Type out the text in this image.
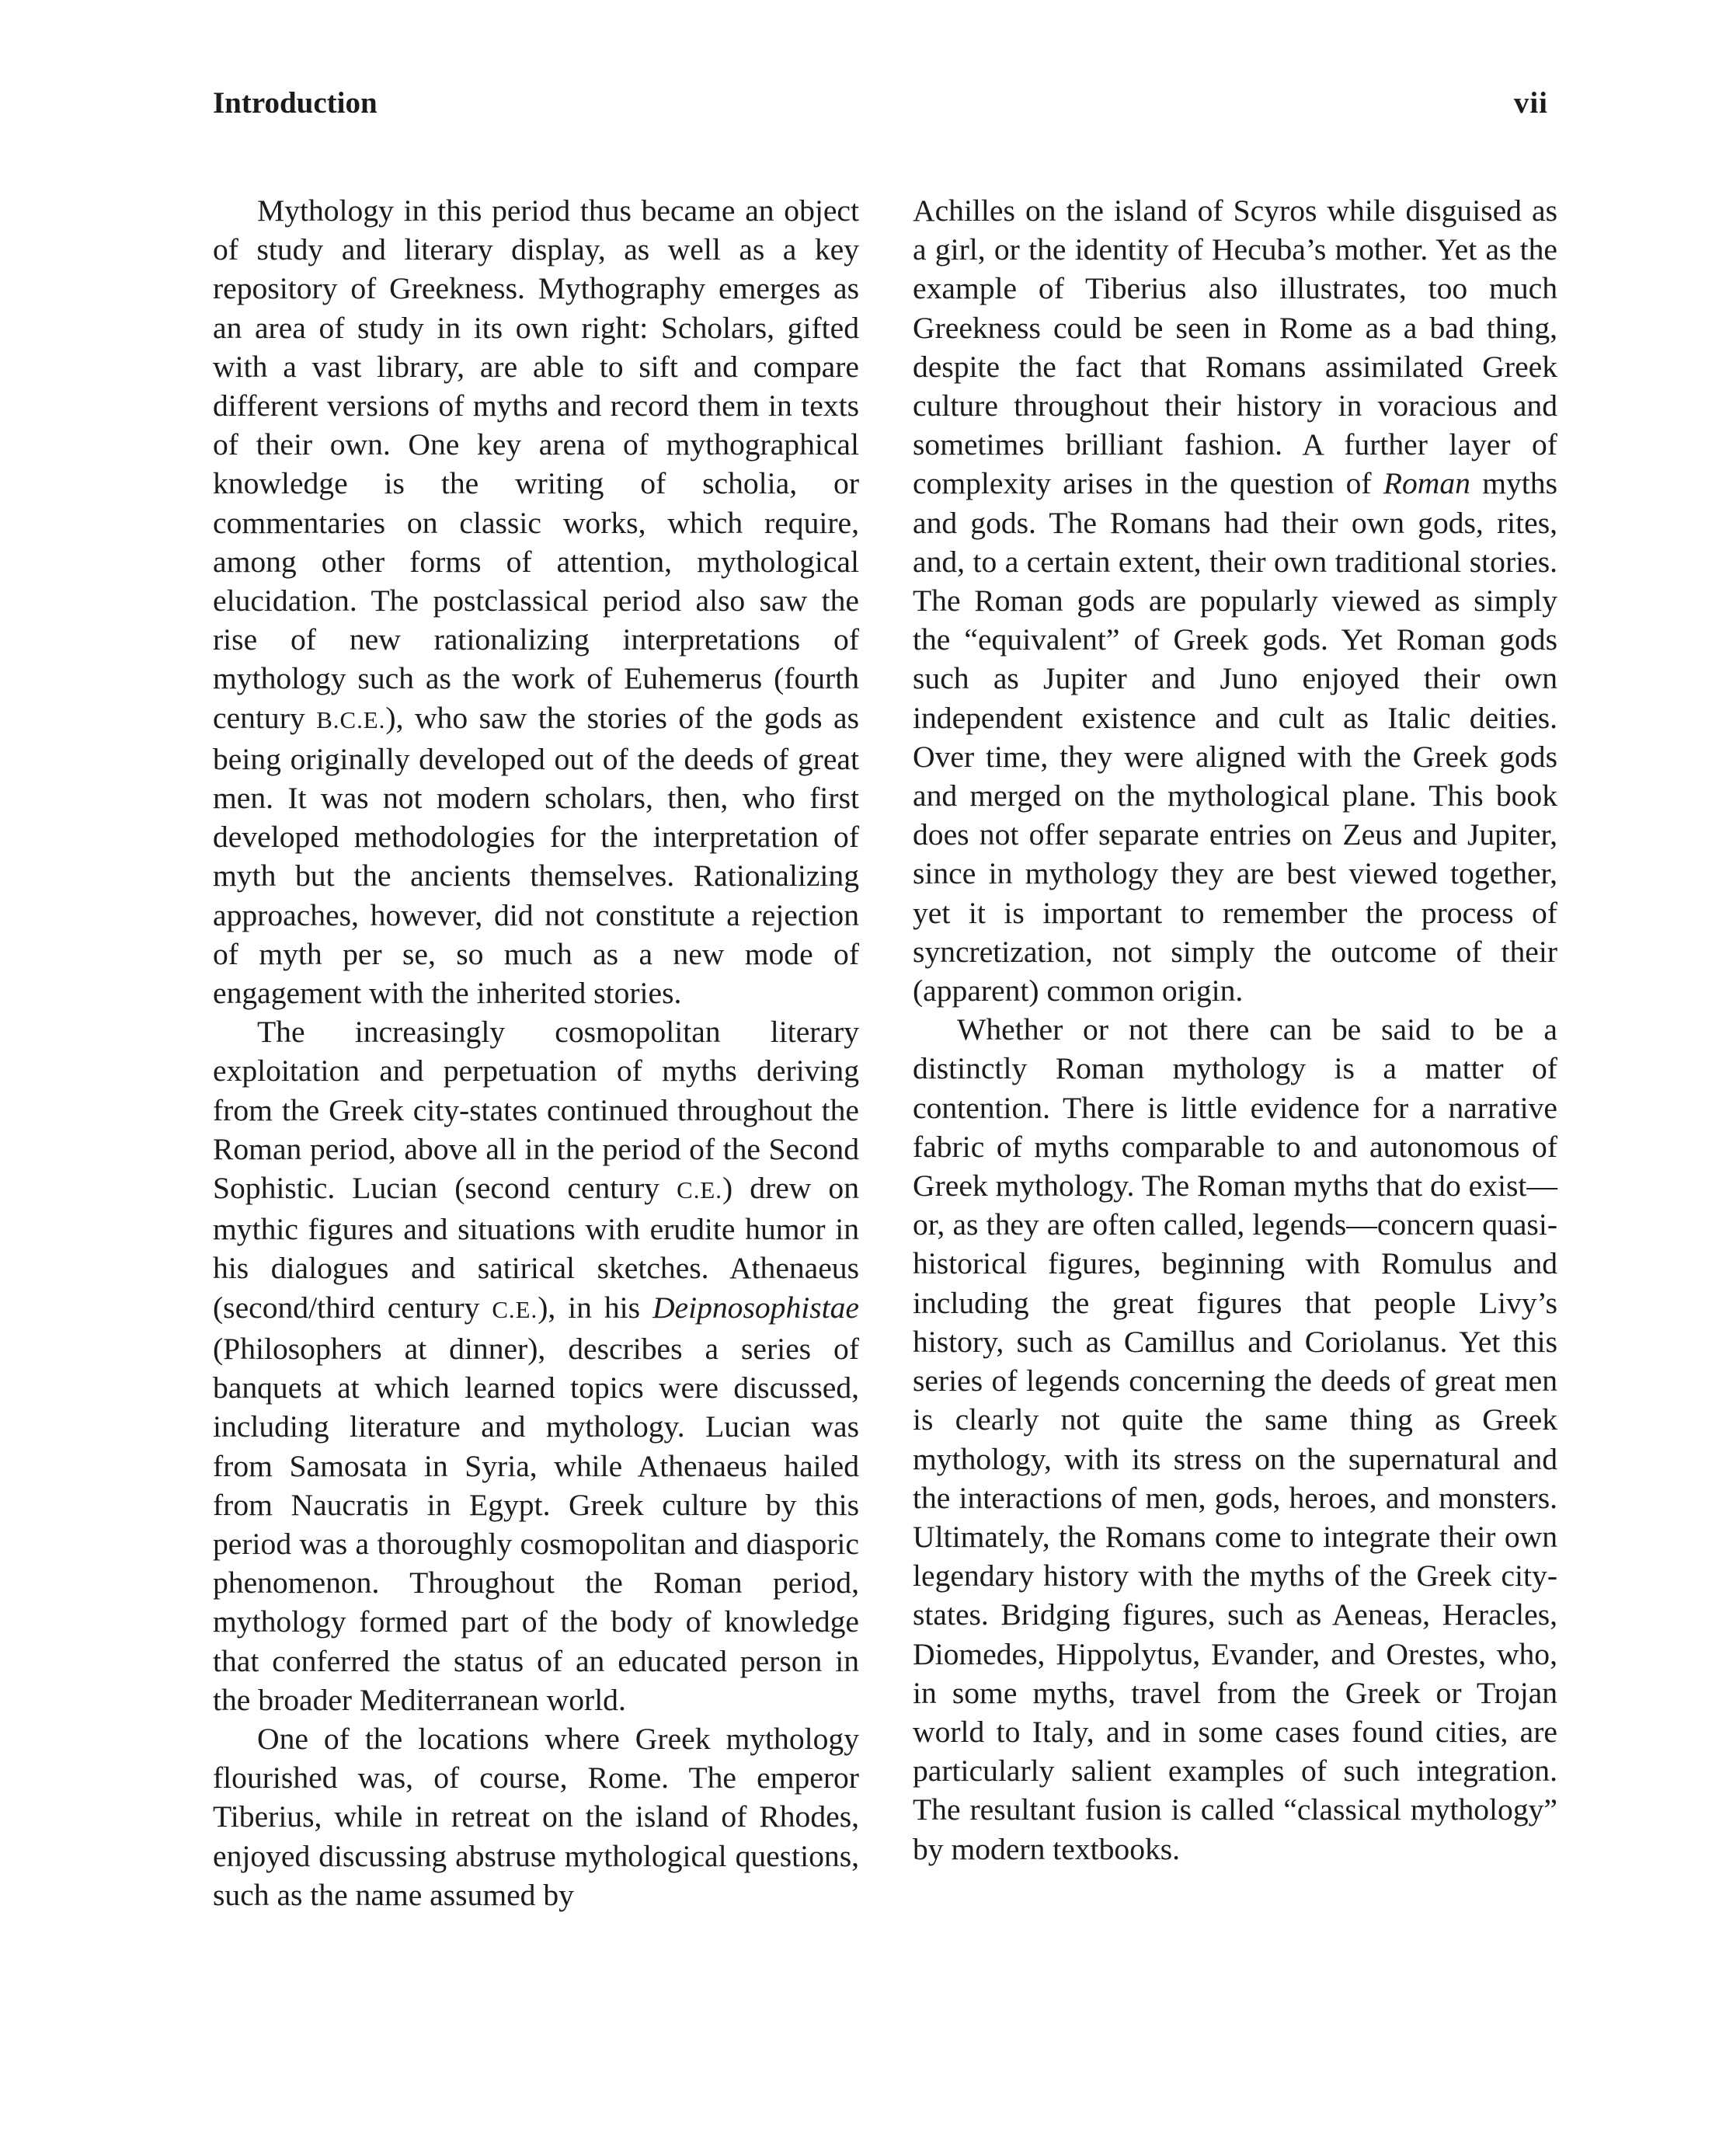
Introduction	vii

Mythology in this period thus became an object of study and literary display, as well as a key repository of Greekness. Mythography emerges as an area of study in its own right: Scholars, gifted with a vast library, are able to sift and compare different versions of myths and record them in texts of their own. One key arena of mythographical knowledge is the writing of scholia, or commentaries on classic works, which require, among other forms of attention, mythological elucidation. The postclassical period also saw the rise of new rationalizing interpretations of mythology such as the work of Euhemerus (fourth century B.C.E.), who saw the stories of the gods as being originally developed out of the deeds of great men. It was not modern scholars, then, who first developed methodologies for the interpretation of myth but the ancients themselves. Rationalizing approaches, however, did not constitute a rejection of myth per se, so much as a new mode of engagement with the inherited stories.

The increasingly cosmopolitan literary exploitation and perpetuation of myths deriving from the Greek city-states continued throughout the Roman period, above all in the period of the Second Sophistic. Lucian (second century C.E.) drew on mythic figures and situations with erudite humor in his dialogues and satirical sketches. Athenaeus (second/third century C.E.), in his Deipnosophistae (Philosophers at dinner), describes a series of banquets at which learned topics were discussed, including literature and mythology. Lucian was from Samosata in Syria, while Athenaeus hailed from Naucratis in Egypt. Greek culture by this period was a thoroughly cosmopolitan and diasporic phenomenon. Throughout the Roman period, mythology formed part of the body of knowledge that conferred the status of an educated person in the broader Mediterranean world.

One of the locations where Greek mythology flourished was, of course, Rome. The emperor Tiberius, while in retreat on the island of Rhodes, enjoyed discussing abstruse mythological questions, such as the name assumed by

Achilles on the island of Scyros while disguised as a girl, or the identity of Hecuba’s mother. Yet as the example of Tiberius also illustrates, too much Greekness could be seen in Rome as a bad thing, despite the fact that Romans assimilated Greek culture throughout their history in voracious and sometimes brilliant fashion. A further layer of complexity arises in the question of Roman myths and gods. The Romans had their own gods, rites, and, to a certain extent, their own traditional stories. The Roman gods are popularly viewed as simply the “equivalent” of Greek gods. Yet Roman gods such as Jupiter and Juno enjoyed their own independent existence and cult as Italic deities. Over time, they were aligned with the Greek gods and merged on the mythological plane. This book does not offer separate entries on Zeus and Jupiter, since in mythology they are best viewed together, yet it is important to remember the process of syncretization, not simply the outcome of their (apparent) common origin.

Whether or not there can be said to be a distinctly Roman mythology is a matter of contention. There is little evidence for a narrative fabric of myths comparable to and autonomous of Greek mythology. The Roman myths that do exist—or, as they are often called, legends—concern quasi-historical figures, beginning with Romulus and including the great figures that people Livy’s history, such as Camillus and Coriolanus. Yet this series of legends concerning the deeds of great men is clearly not quite the same thing as Greek mythology, with its stress on the supernatural and the interactions of men, gods, heroes, and monsters. Ultimately, the Romans come to integrate their own legendary history with the myths of the Greek city-states. Bridging figures, such as Aeneas, Heracles, Diomedes, Hippolytus, Evander, and Orestes, who, in some myths, travel from the Greek or Trojan world to Italy, and in some cases found cities, are particularly salient examples of such integration. The resultant fusion is called “classical mythology” by modern textbooks.
